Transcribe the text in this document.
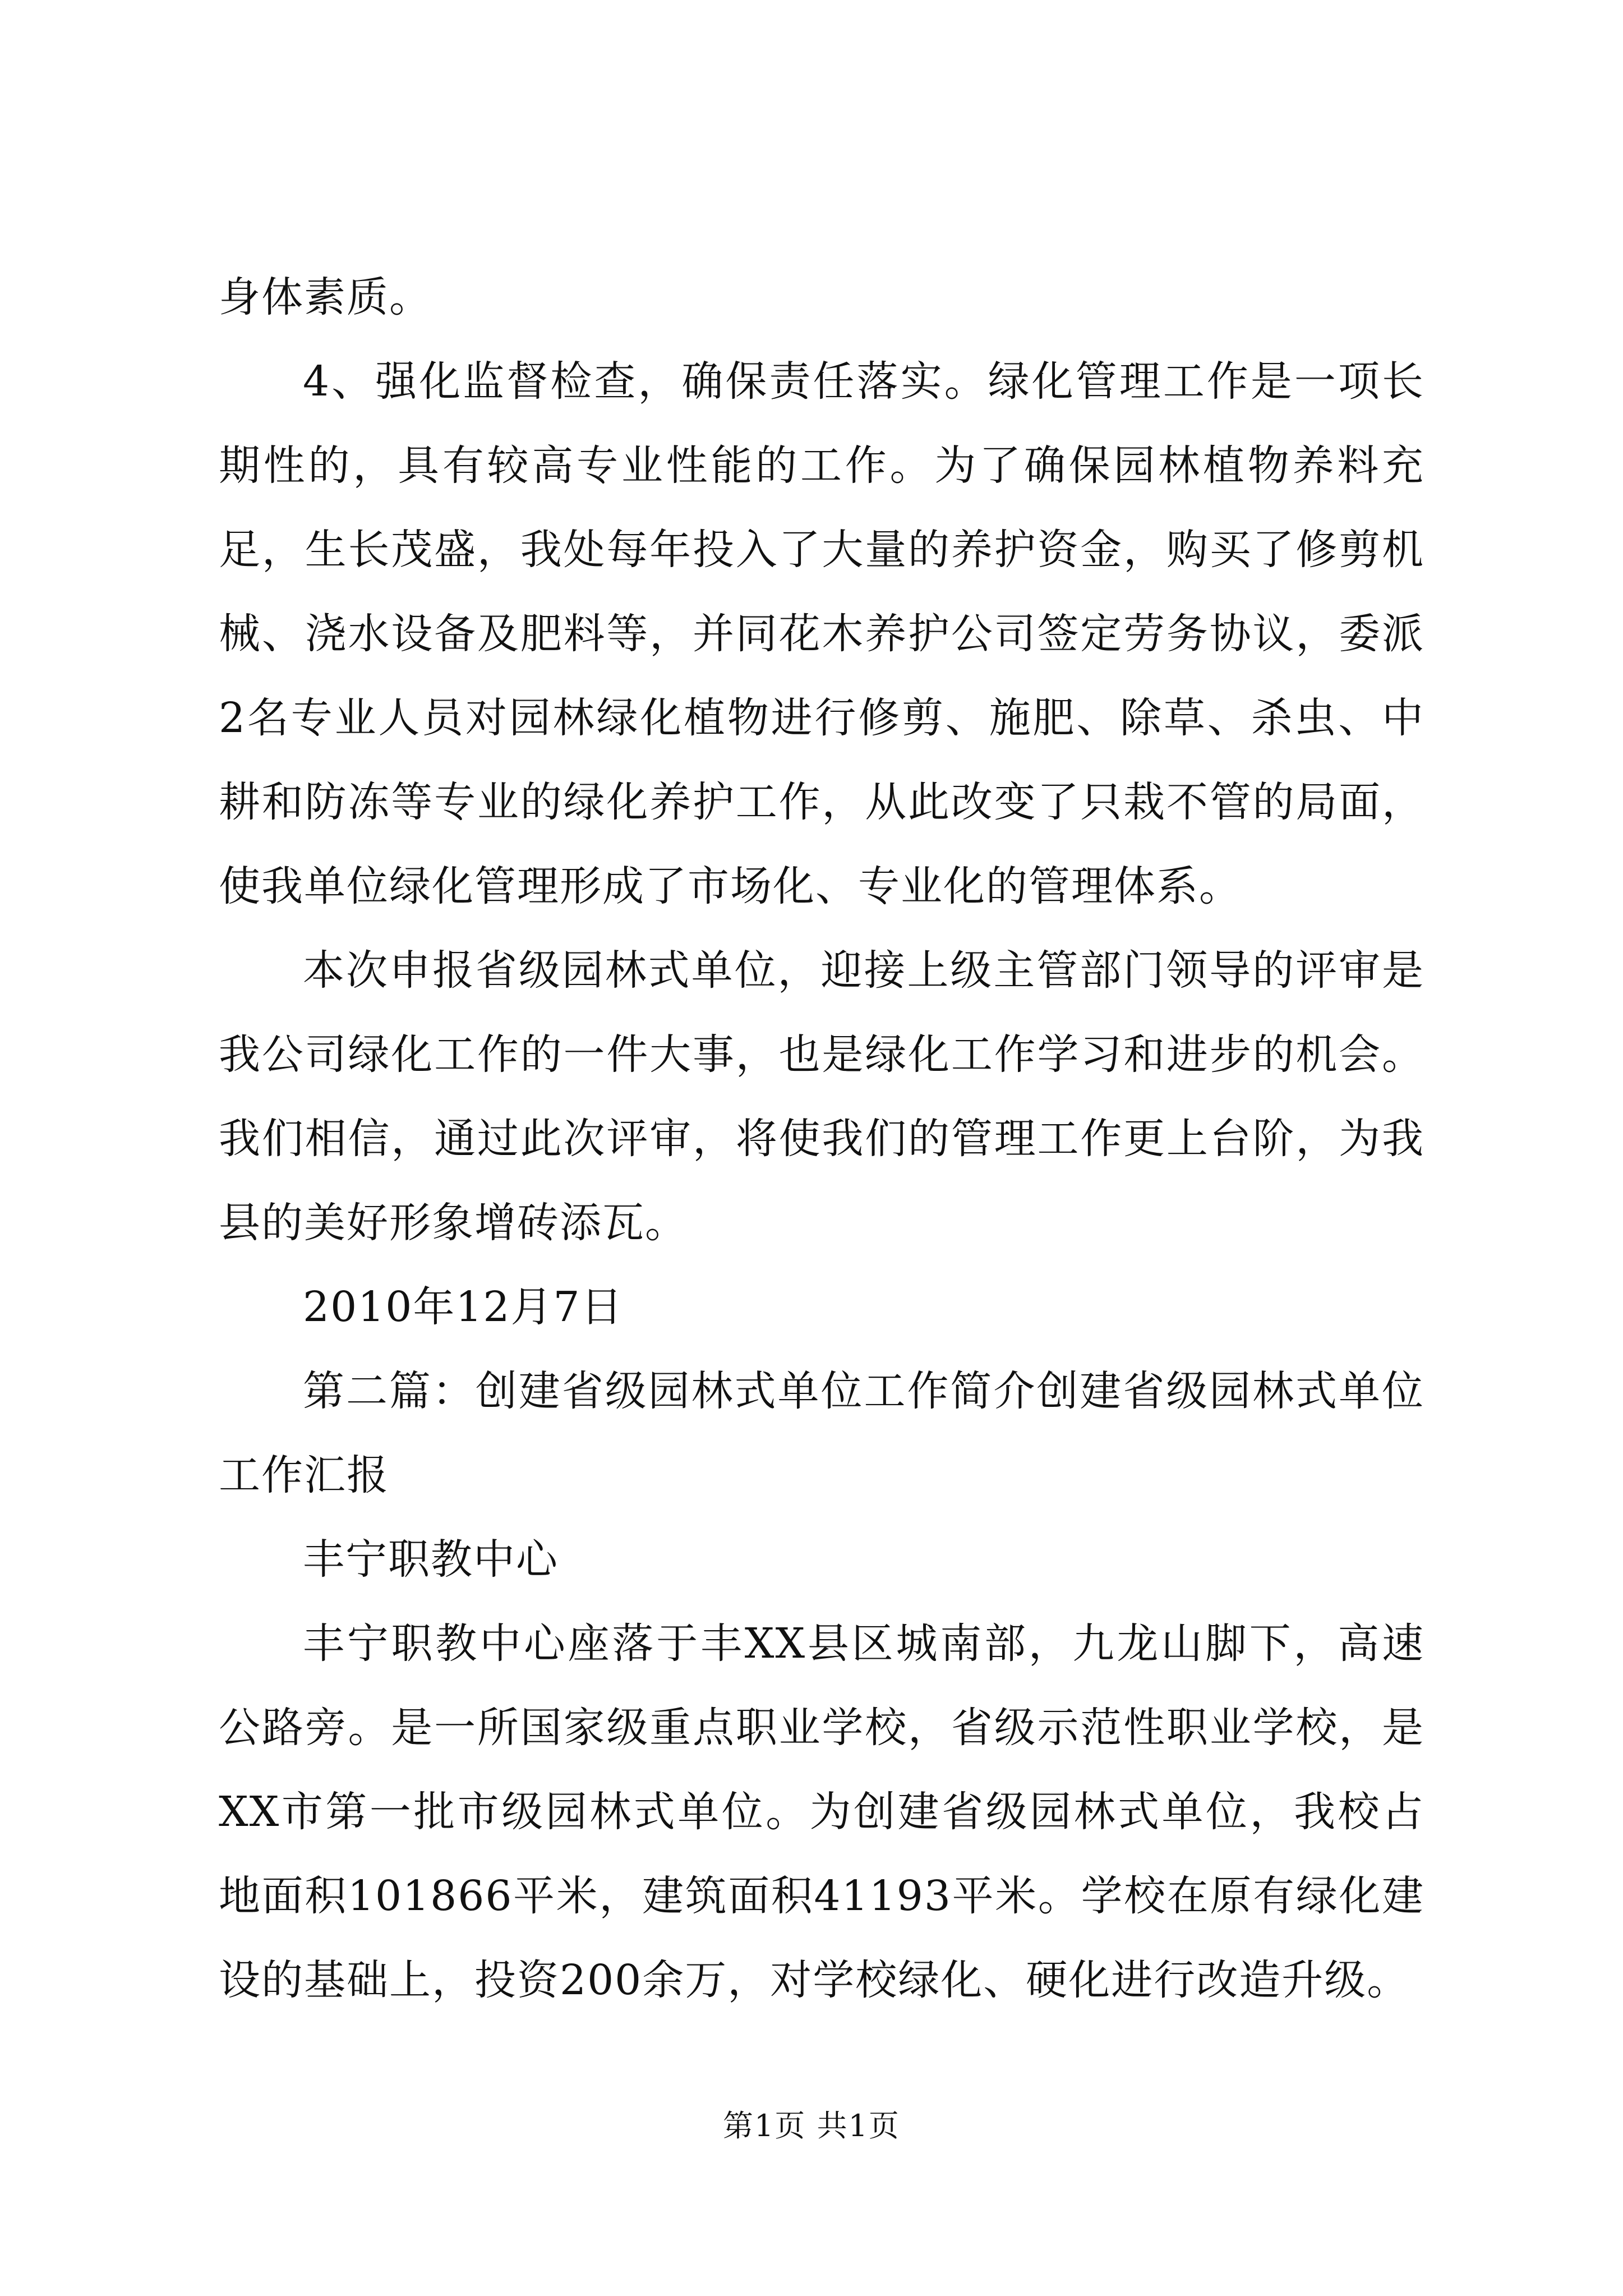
身体素质。

4、强化监督检查，确保责任落实。绿化管理工作是一项长期性的，具有较高专业性能的工作。为了确保园林植物养料充足，生长茂盛，我处每年投入了大量的养护资金，购买了修剪机械、浇水设备及肥料等，并同花木养护公司签定劳务协议，委派2名专业人员对园林绿化植物进行修剪、施肥、除草、杀虫、中耕和防冻等专业的绿化养护工作，从此改变了只栽不管的局面，使我单位绿化管理形成了市场化、专业化的管理体系。

本次申报省级园林式单位，迎接上级主管部门领导的评审是我公司绿化工作的一件大事，也是绿化工作学习和进步的机会。我们相信，通过此次评审，将使我们的管理工作更上台阶，为我县的美好形象增砖添瓦。

2010年12月7日

第二篇：创建省级园林式单位工作简介创建省级园林式单位工作汇报

丰宁职教中心

丰宁职教中心座落于丰XX县区城南部，九龙山脚下，高速公路旁。是一所国家级重点职业学校，省级示范性职业学校，是XX市第一批市级园林式单位。为创建省级园林式单位，我校占地面积101866平米，建筑面积41193平米。学校在原有绿化建设的基础上，投资200余万，对学校绿化、硬化进行改造升级。

第1页 共1页
